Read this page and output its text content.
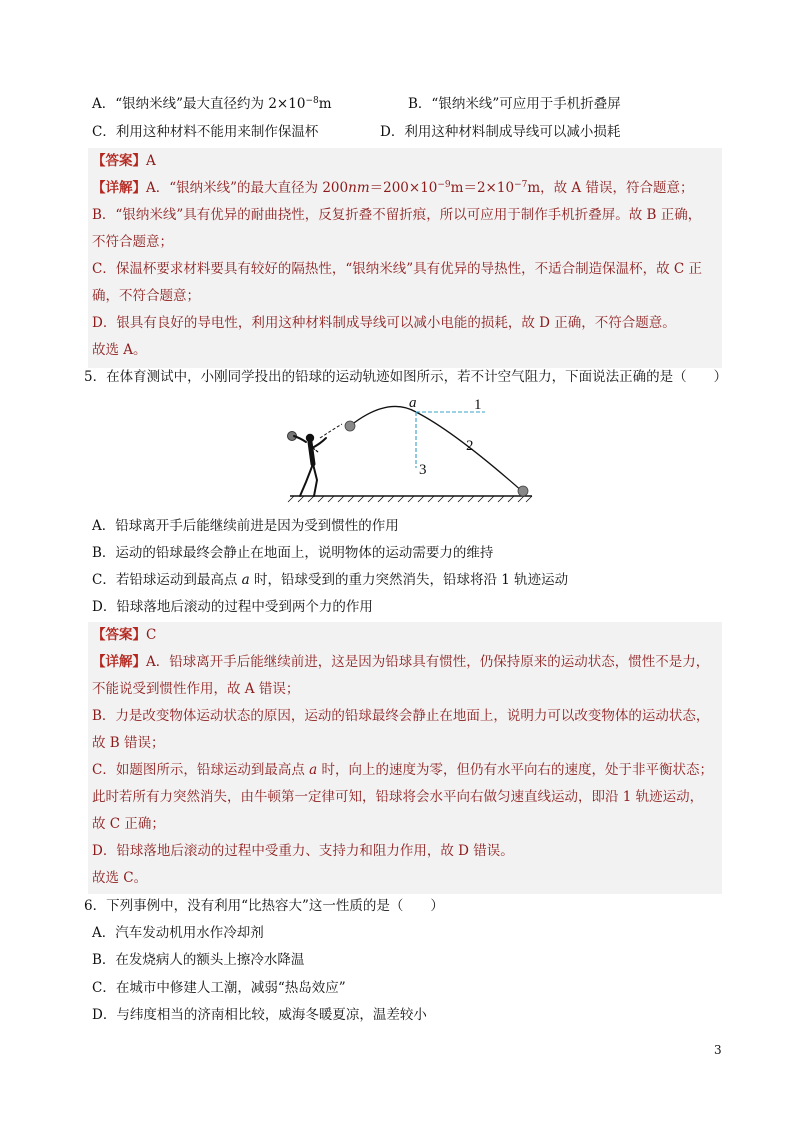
A．“银纳米线”最大直径约为 $2\times 10^{-8}m$	B．“银纳米线”可应用于手机折叠屏
C．利用这种材料不能用来制作保温杯	D．利用这种材料制成导线可以减小损耗
【答案】A
【详解】A．“银纳米线”的最大直径为 $200nm=200\times 10^{-9}m=2\times 10^{-7}m$，故 A 错误，符合题意；
B．“银纳米线”具有优异的耐曲挠性，反复折叠不留折痕，所以可应用于制作手机折叠屏。故 B 正确，
不符合题意；
C．保温杯要求材料要具有较好的隔热性，“银纳米线”具有优异的导热性，不适合制造保温杯，故 C 正
确，不符合题意；
D．银具有良好的导电性，利用这种材料制成导线可以减小电能的损耗，故 D 正确，不符合题意。
故选 A。
5．在体育测试中，小刚同学投出的铅球的运动轨迹如图所示，若不计空气阻力，下面说法正确的是（　　）
a	1
2
3
A．铅球离开手后能继续前进是因为受到惯性的作用
B．运动的铅球最终会静止在地面上，说明物体的运动需要力的维持
C．若铅球运动到最高点 a 时，铅球受到的重力突然消失，铅球将沿 1 轨迹运动
D．铅球落地后滚动的过程中受到两个力的作用
【答案】C
【详解】A．铅球离开手后能继续前进，这是因为铅球具有惯性，仍保持原来的运动状态，惯性不是力，
不能说受到惯性作用，故 A 错误；
B．力是改变物体运动状态的原因，运动的铅球最终会静止在地面上，说明力可以改变物体的运动状态，
故 B 错误；
C．如题图所示，铅球运动到最高点 a 时，向上的速度为零，但仍有水平向右的速度，处于非平衡状态；
此时若所有力突然消失，由牛顿第一定律可知，铅球将会水平向右做匀速直线运动，即沿 1 轨迹运动，
故 C 正确；
D．铅球落地后滚动的过程中受重力、支持力和阻力作用，故 D 错误。
故选 C。
6．下列事例中，没有利用“比热容大”这一性质的是（　　）
A．汽车发动机用水作冷却剂
B．在发烧病人的额头上擦冷水降温
C．在城市中修建人工潮，减弱“热岛效应”
D．与纬度相当的济南相比较，威海冬暖夏凉，温差较小
3
